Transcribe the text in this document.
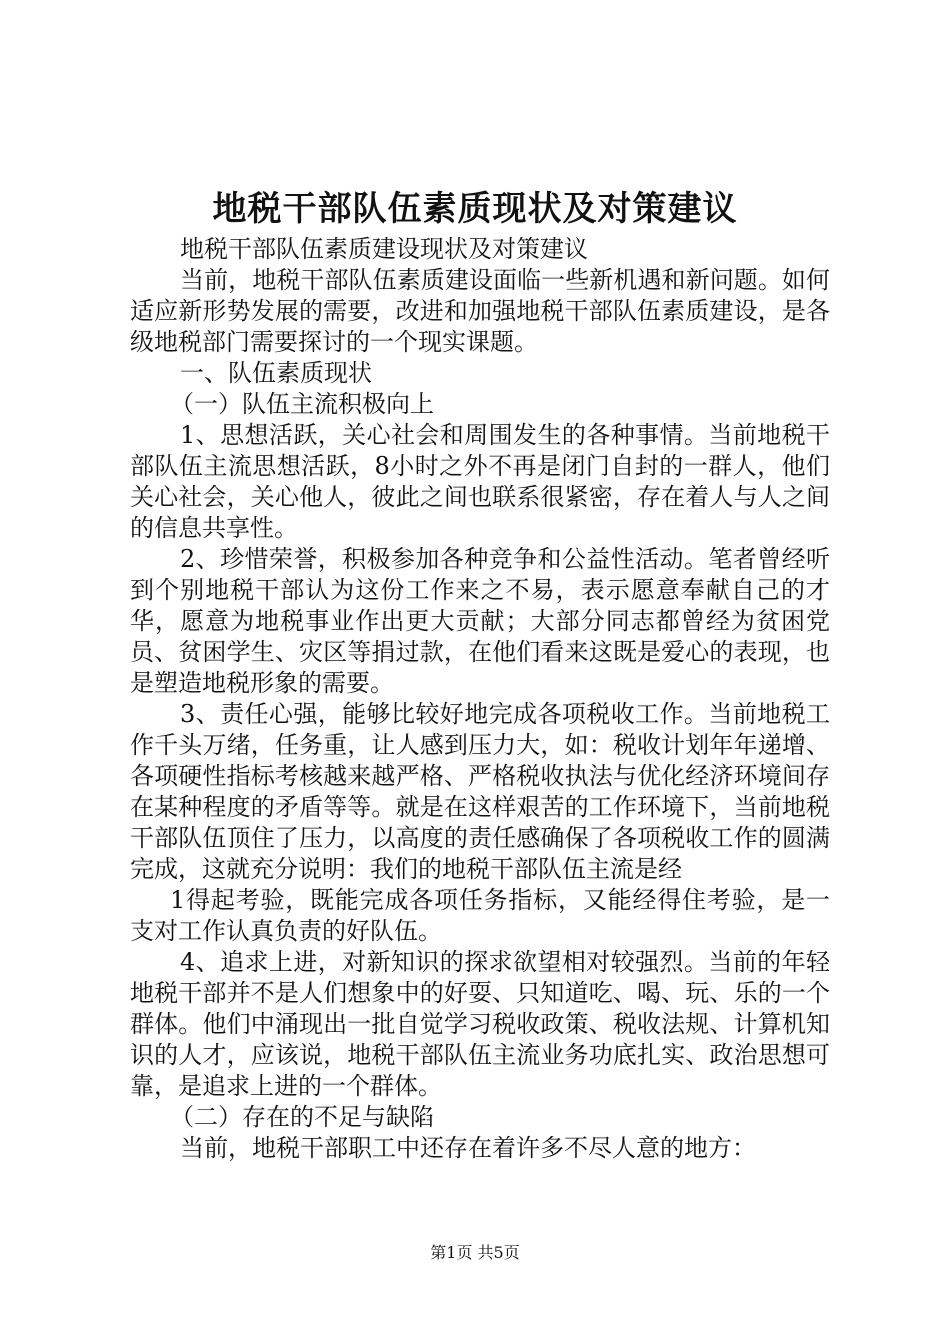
地税干部队伍素质现状及对策建议

地税干部队伍素质建设现状及对策建议

当前，地税干部队伍素质建设面临一些新机遇和新问题。如何适应新形势发展的需要，改进和加强地税干部队伍素质建设，是各级地税部门需要探讨的一个现实课题。

一、队伍素质现状

（一）队伍主流积极向上

1、思想活跃，关心社会和周围发生的各种事情。当前地税干部队伍主流思想活跃，8小时之外不再是闭门自封的一群人，他们关心社会，关心他人，彼此之间也联系很紧密，存在着人与人之间的信息共享性。

2、珍惜荣誉，积极参加各种竞争和公益性活动。笔者曾经听到个别地税干部认为这份工作来之不易，表示愿意奉献自己的才华，愿意为地税事业作出更大贡献；大部分同志都曾经为贫困党员、贫困学生、灾区等捐过款，在他们看来这既是爱心的表现，也是塑造地税形象的需要。

3、责任心强，能够比较好地完成各项税收工作。当前地税工作千头万绪，任务重，让人感到压力大，如：税收计划年年递增、各项硬性指标考核越来越严格、严格税收执法与优化经济环境间存在某种程度的矛盾等等。就是在这样艰苦的工作环境下，当前地税干部队伍顶住了压力，以高度的责任感确保了各项税收工作的圆满完成，这就充分说明：我们的地税干部队伍主流是经

1得起考验，既能完成各项任务指标，又能经得住考验，是一支对工作认真负责的好队伍。

4、追求上进，对新知识的探求欲望相对较强烈。当前的年轻地税干部并不是人们想象中的好耍、只知道吃、喝、玩、乐的一个群体。他们中涌现出一批自觉学习税收政策、税收法规、计算机知识的人才，应该说，地税干部队伍主流业务功底扎实、政治思想可靠，是追求上进的一个群体。

（二）存在的不足与缺陷

当前，地税干部职工中还存在着许多不尽人意的地方：

第1页 共5页
